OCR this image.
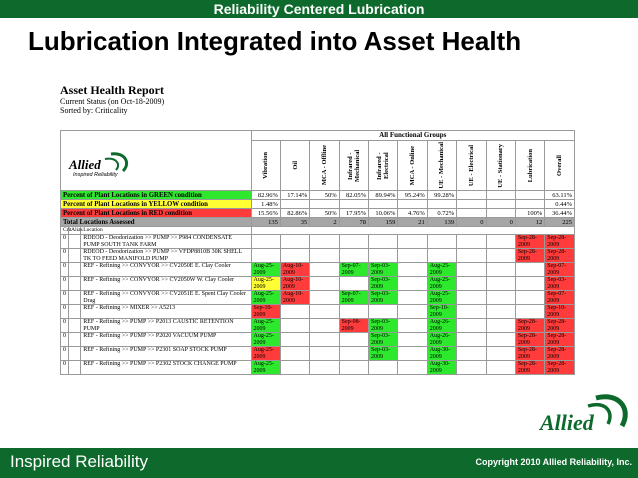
Reliability Centered Lubrication
Lubrication Integrated into Asset Health
Asset Health Report
Current Status (on Oct-18-2009)
Sorted by: Criticality
Allied
Inspired Reliability			All Functional Groups										

			Vibration	Oil	MCA - Offline	Infrared - Mechanical	Infrared - Electrical	MCA - Online	UE - Mechanical	UE - Electrical	UE - Stationary	Lubrication	Overall

Percent of Plant Locations in GREEN condition			82.96%	17.14%	50%	82.05%	89.94%	95.24%	99.28%				63.11%
Percent of Plant Locations in YELLOW condition			1.48%										0.44%
Percent of Plant Locations in RED condition			15.56%	82.86%	50%	17.95%	10.06%	4.76%	0.72%			100%	36.44%
Total Locations Assessed			135	35	2	78	159	21	139	0	0	12	225
Crit	Alias	Location											
0		RDEOD - Deodorization >> PUMP >> P984 CONDENSATE PUMP SOUTH TANK FARM										Sep-28-2009	Sep-28-2009
0		RDEOD - Deodorization >> PUMP >> VFDP8810B 30K SHELL TK TO FEED MANIFOLD PUMP										Sep-28-2009	Sep-28-2009
0		REF - Refining >> CONVYOR >> CV2050E E. Clay Cooler	Aug-25-2009	Aug-10-2009		Sep-07-2009	Sep-03-2009		Aug-25-2009				Sep-07-2009
0		REF - Refining >> CONVYOR >> CV2050W W. Clay Cooler	Aug-25-2009	Aug-10-2009			Sep-03-2009		Aug-25-2009				Sep-03-2009
0		REF - Refining >> CONVYOR >> CV2051E E. Spent Clay Cooler Drag	Aug-25-2009	Aug-10-2009		Sep-07-2009	Sep-03-2009		Aug-25-2009				Sep-07-2009
0		REF - Refining >> MIXER >> A5213	Sep-10-2009						Sep-10-2009				Sep-10-2009
0		REF - Refining >> PUMP >> P2013 CAUSTIC RETENTION PUMP	Aug-25-2009			Sep-08-2009	Sep-03-2009		Aug-26-2009			Sep-28-2009	Sep-28-2009
0		REF - Refining >> PUMP >> P2020 VACUUM PUMP	Aug-25-2009				Sep-03-2009		Aug-26-2009			Sep-28-2009	Sep-28-2009
0		REF - Refining >> PUMP >> P2301 SOAP STOCK PUMP	Aug-25-2009				Sep-03-2009		Aug-30-2009			Sep-28-2009	Sep-28-2009
0		REF - Refining >> PUMP >> P2302 STOCK CHANGE PUMP	Aug-25-2009						Aug-30-2009			Sep-28-2009	Sep-28-2009
Allied
Inspired Reliability	Copyright 2010 Allied Reliability, Inc.
